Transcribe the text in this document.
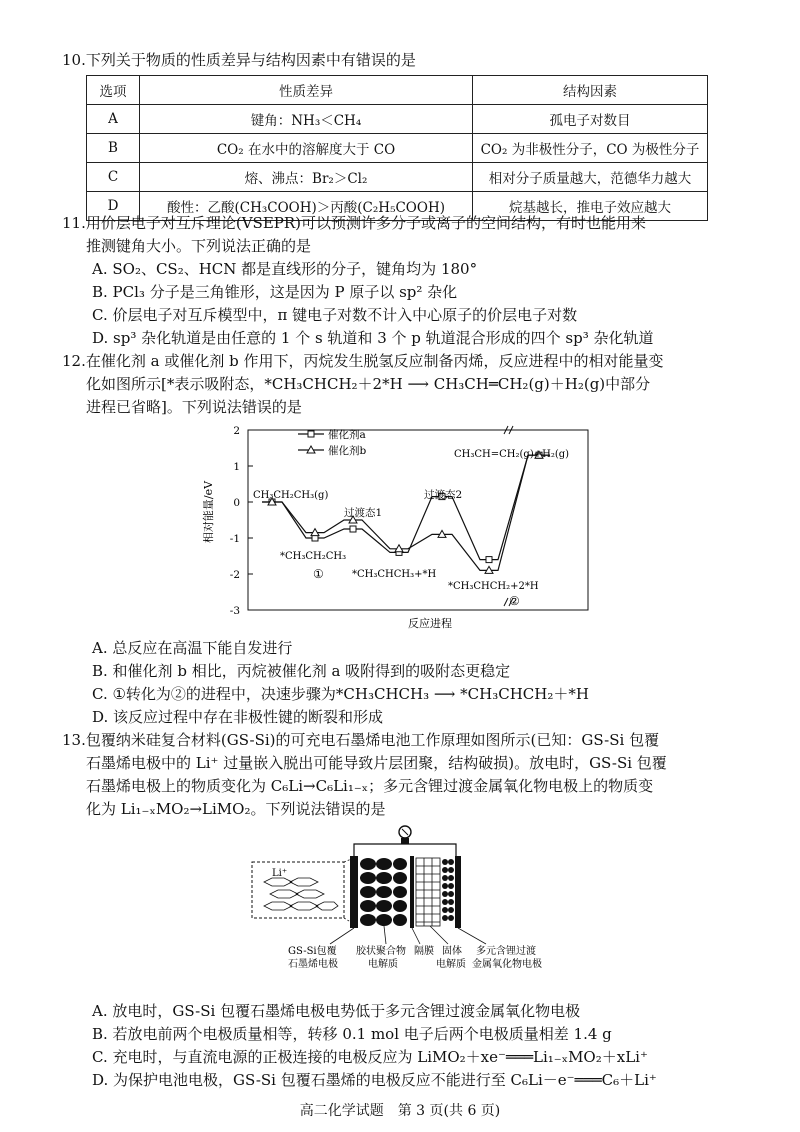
10.下列关于物质的性质差异与结构因素中有错误的是
选项	性质差异	结构因素
A	键角：NH₃＜CH₄	孤电子对数目
B	CO₂ 在水中的溶解度大于 CO	CO₂ 为非极性分子，CO 为极性分子
C	熔、沸点：Br₂＞Cl₂	相对分子质量越大，范德华力越大
D	酸性：乙酸(CH₃COOH)＞丙酸(C₂H₅COOH)	烷基越长，推电子效应越大
11.用价层电子对互斥理论(VSEPR)可以预测许多分子或离子的空间结构，有时也能用来
推测键角大小。下列说法正确的是
A. SO₂、CS₂、HCN 都是直线形的分子，键角均为 180°
B. PCl₃ 分子是三角锥形，这是因为 P 原子以 sp² 杂化
C. 价层电子对互斥模型中，π 键电子对数不计入中心原子的价层电子对数
D. sp³ 杂化轨道是由任意的 1 个 s 轨道和 3 个 p 轨道混合形成的四个 sp³ 杂化轨道
12.在催化剂 a 或催化剂 b 作用下，丙烷发生脱氢反应制备丙烯，反应进程中的相对能量变
化如图所示[*表示吸附态，*CH₃CHCH₂＋2*H ⟶ CH₃CH═CH₂(g)＋H₂(g)中部分
进程已省略]。下列说法错误的是
2
1
0
-1
-2
-3
相对能量/eV
反应进程
催化剂a
催化剂b
CH₃CH₂CH₃(g)
过渡态1
*CH₃CH₂CH₃
①	*CH₃CHCH₃+*H
过渡态2
*CH₃CHCH₂+2*H
②
CH₃CH=CH₂(g)+H₂(g)
A. 总反应在高温下能自发进行
B. 和催化剂 b 相比，丙烷被催化剂 a 吸附得到的吸附态更稳定
C. ①转化为②的进程中，决速步骤为*CH₃CHCH₃ ⟶ *CH₃CHCH₂＋*H
D. 该反应过程中存在非极性键的断裂和形成
13.包覆纳米硅复合材料(GS-Si)的可充电石墨烯电池工作原理如图所示(已知：GS-Si 包覆
石墨烯电极中的 Li⁺ 过量嵌入脱出可能导致片层团聚，结构破损)。放电时，GS-Si 包覆
石墨烯电极上的物质变化为 C₆Li→C₆Li₁₋ₓ；多元含锂过渡金属氧化物电极上的物质变
化为 Li₁₋ₓMO₂→LiMO₂。下列说法错误的是
Li⁺
GS-Si包覆
石墨烯电极
胶状聚合物
电解质
隔膜 固体
电解质
多元含锂过渡
金属氧化物电极
A. 放电时，GS-Si 包覆石墨烯电极电势低于多元含锂过渡金属氧化物电极
B. 若放电前两个电极质量相等，转移 0.1 mol 电子后两个电极质量相差 1.4 g
C. 充电时，与直流电源的正极连接的电极反应为 LiMO₂＋xe⁻═══Li₁₋ₓMO₂＋xLi⁺
D. 为保护电池电极，GS-Si 包覆石墨烯的电极反应不能进行至 C₆Li－e⁻═══C₆＋Li⁺
高二化学试题　第 3 页(共 6 页)
